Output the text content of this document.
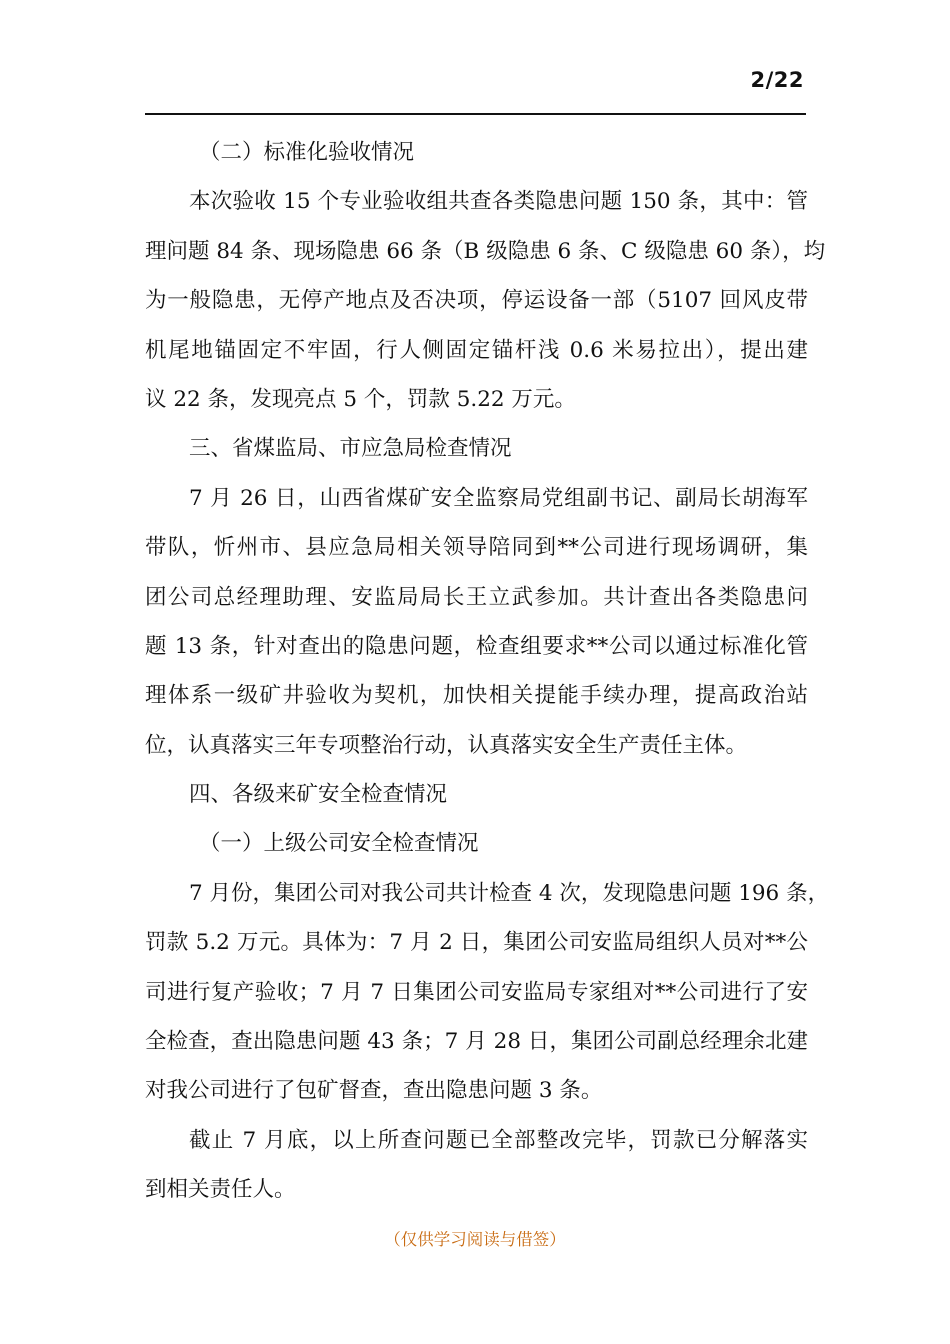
2/22
（二）标准化验收情况
本次验收 15 个专业验收组共查各类隐患问题 150 条，其中：管
理问题 84 条、现场隐患 66 条（B 级隐患 6 条、C 级隐患 60 条），均
为一般隐患，无停产地点及否决项，停运设备一部（5107 回风皮带
机尾地锚固定不牢固，行人侧固定锚杆浅 0.6 米易拉出），提出建
议 22 条，发现亮点 5 个，罚款 5.22 万元。
三、省煤监局、市应急局检查情况
7 月 26 日，山西省煤矿安全监察局党组副书记、副局长胡海军
带队，忻州市、县应急局相关领导陪同到**公司进行现场调研，集
团公司总经理助理、安监局局长王立武参加。共计查出各类隐患问
题 13 条，针对查出的隐患问题，检查组要求**公司以通过标准化管
理体系一级矿井验收为契机，加快相关提能手续办理，提高政治站
位，认真落实三年专项整治行动，认真落实安全生产责任主体。
四、各级来矿安全检查情况
（一）上级公司安全检查情况
7 月份，集团公司对我公司共计检查 4 次，发现隐患问题 196 条，
罚款 5.2 万元。具体为：7 月 2 日，集团公司安监局组织人员对**公
司进行复产验收；7 月 7 日集团公司安监局专家组对**公司进行了安
全检查，查出隐患问题 43 条；7 月 28 日，集团公司副总经理余北建
对我公司进行了包矿督查，查出隐患问题 3 条。
截止 7 月底，以上所查问题已全部整改完毕，罚款已分解落实
到相关责任人。
（仅供学习阅读与借签）
